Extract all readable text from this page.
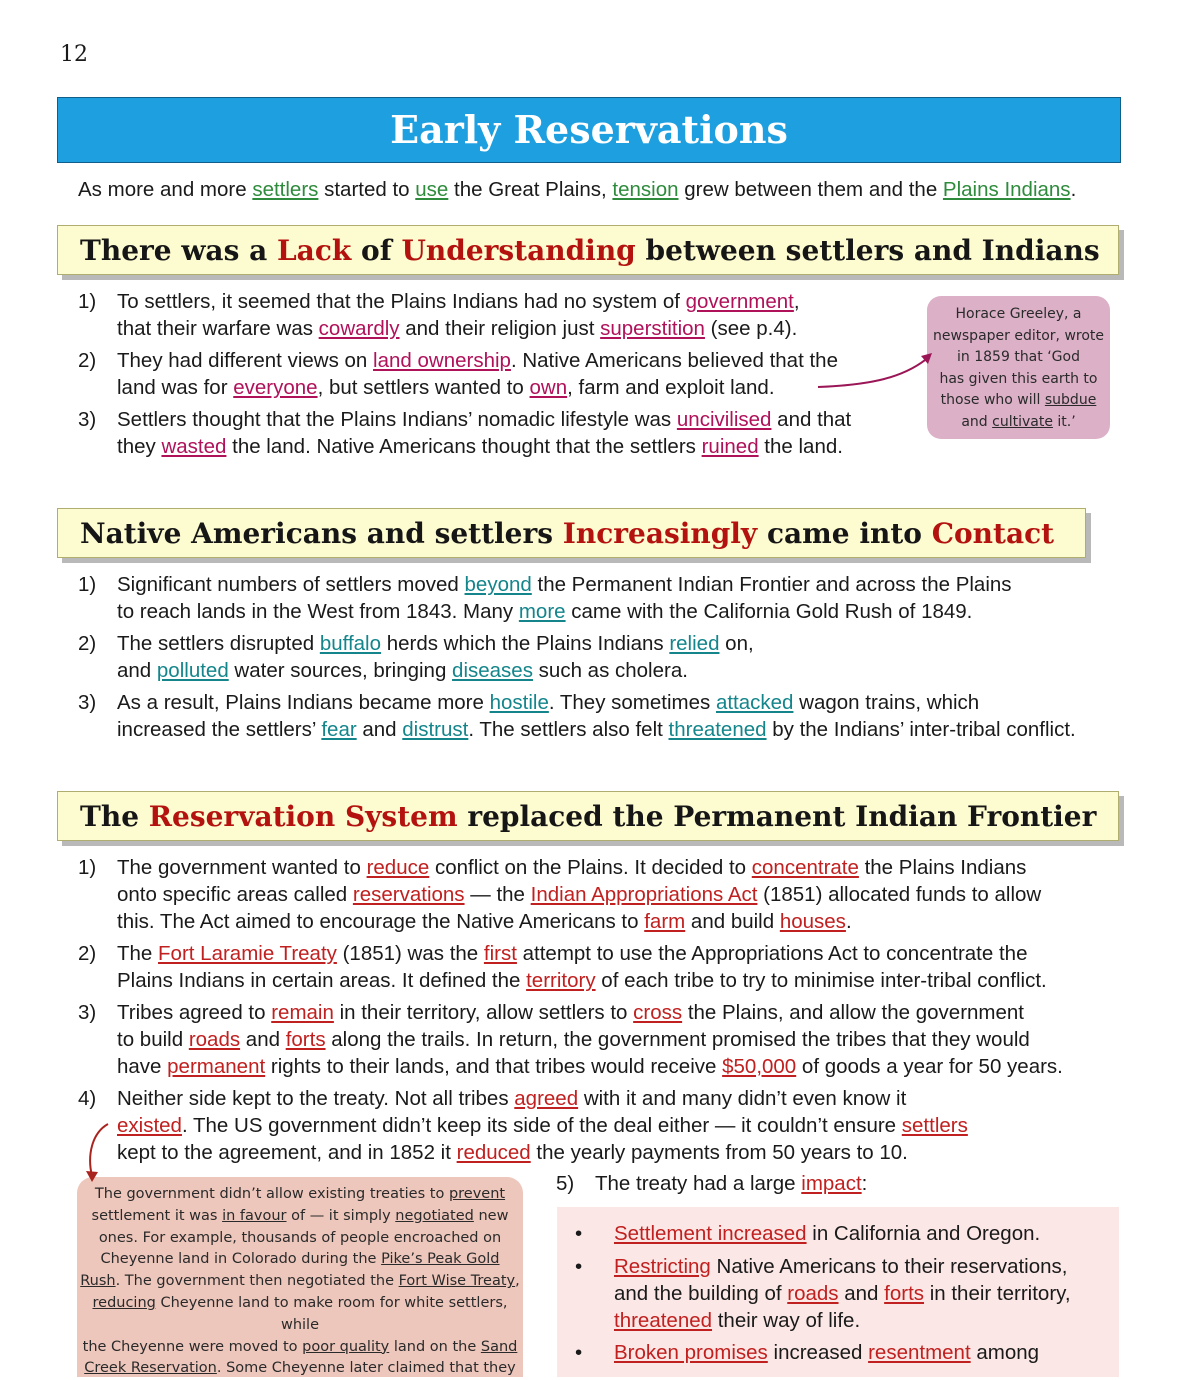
12
Early Reservations
As more and more settlers started to use the Great Plains, tension grew between them and the Plains Indians.
There was a Lack of Understanding between settlers and Indians
1)	To settlers, it seemed that the Plains Indians had no system of government,
that their warfare was cowardly and their religion just superstition (see p.4).
2)	They had different views on land ownership. Native Americans believed that the
land was for everyone, but settlers wanted to own, farm and exploit land.
3)	Settlers thought that the Plains Indians’ nomadic lifestyle was uncivilised and that
they wasted the land. Native Americans thought that the settlers ruined the land.
Horace Greeley, a
newspaper editor, wrote
in 1859 that ‘God
has given this earth to
those who will subdue
and cultivate it.’
Native Americans and settlers Increasingly came into Contact
1)	Significant numbers of settlers moved beyond the Permanent Indian Frontier and across the Plains
to reach lands in the West from 1843. Many more came with the California Gold Rush of 1849.
2)	The settlers disrupted buffalo herds which the Plains Indians relied on,
and polluted water sources, bringing diseases such as cholera.
3)	As a result, Plains Indians became more hostile. They sometimes attacked wagon trains, which
increased the settlers’ fear and distrust. The settlers also felt threatened by the Indians’ inter-tribal conflict.
The Reservation System replaced the Permanent Indian Frontier
1)	The government wanted to reduce conflict on the Plains. It decided to concentrate the Plains Indians
onto specific areas called reservations — the Indian Appropriations Act (1851) allocated funds to allow
this. The Act aimed to encourage the Native Americans to farm and build houses.
2)	The Fort Laramie Treaty (1851) was the first attempt to use the Appropriations Act to concentrate the
Plains Indians in certain areas. It defined the territory of each tribe to try to minimise inter-tribal conflict.
3)	Tribes agreed to remain in their territory, allow settlers to cross the Plains, and allow the government
to build roads and forts along the trails. In return, the government promised the tribes that they would
have permanent rights to their lands, and that tribes would receive $50,000 of goods a year for 50 years.
4)	Neither side kept to the treaty. Not all tribes agreed with it and many didn’t even know it
existed. The US government didn’t keep its side of the deal either — it couldn’t ensure settlers
kept to the agreement, and in 1852 it reduced the yearly payments from 50 years to 10.
The government didn’t allow existing treaties to prevent
settlement it was in favour of — it simply negotiated new
ones. For example, thousands of people encroached on
Cheyenne land in Colorado during the Pike’s Peak Gold
Rush. The government then negotiated the Fort Wise Treaty,
reducing Cheyenne land to make room for white settlers, while
the Cheyenne were moved to poor quality land on the Sand
Creek Reservation. Some Cheyenne later claimed that they
5)	The treaty had a large impact:
• Settlement increased in California and Oregon.
• Restricting Native Americans to their reservations,
and the building of roads and forts in their territory,
threatened their way of life.
• Broken promises increased resentment among
